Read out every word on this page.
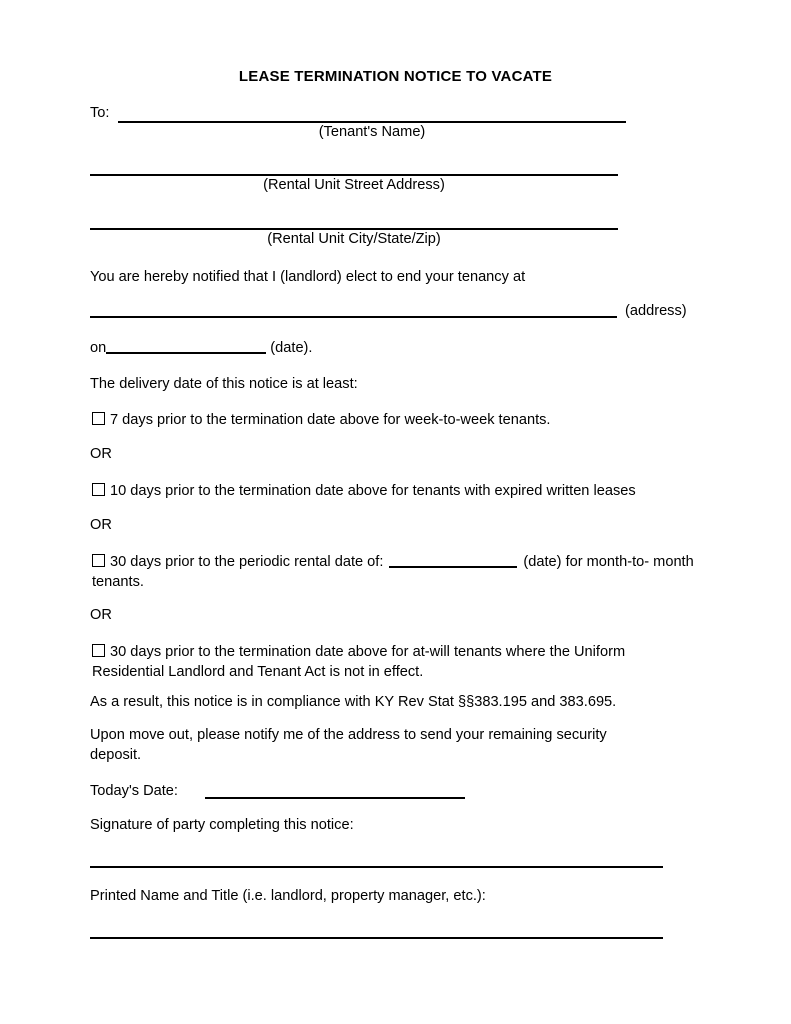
LEASE TERMINATION NOTICE TO VACATE
To:
(Tenant's Name)
(Rental Unit Street Address)
(Rental Unit City/State/Zip)
You are hereby notified that I (landlord) elect to end your tenancy at
(address)
on	(date).
The delivery date of this notice is at least:
7 days prior to the termination date above for week-to-week tenants.
OR
10 days prior to the termination date above for tenants with expired written leases
OR
30 days prior to the periodic rental date of:	(date) for month-to- month tenants.
OR
30 days prior to the termination date above for at-will tenants where the Uniform Residential Landlord and Tenant Act is not in effect.
As a result, this notice is in compliance with KY Rev Stat §§383.195 and 383.695.
Upon move out, please notify me of the address to send your remaining security deposit.
Today's Date:
Signature of party completing this notice:
Printed Name and Title (i.e. landlord, property manager, etc.):
